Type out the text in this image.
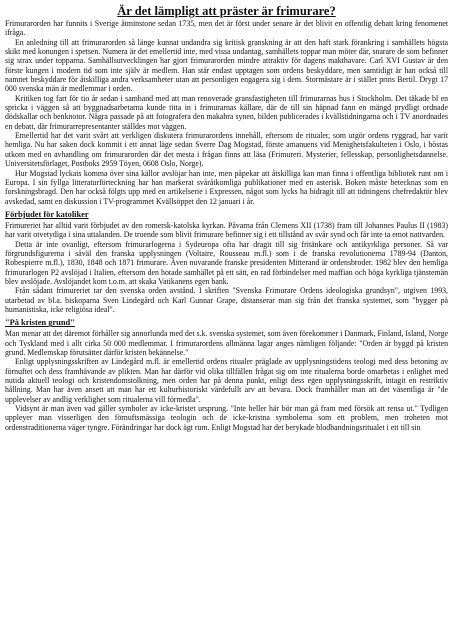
Är det lämpligt att präster är frimurare?

Frimurarorden har funnits i Sverige åtminstone sedan 1735, men det är först under senare år det blivit en offentlig debatt kring fenomenet ifråga.

En anledning till att frimurarorden så länge kunnat undandra sig kritisk granskning är att den haft stark förankring i samhällets högsta skikt med konungen i spetsen. Numera är det emellertid inte, med vissa undantag, samhällets toppar man möter där, snarare de som befinner sig strax under topparna. Samhällsutvecklingen har gjort frimurarorden mindre attraktiv för dagens makthavare. Carl XVI Gustav är den förste kungen i modern tid som inte själv är medlem. Han står endast upptagen som ordens beskyddare, men samtidigt är han också till namnet beskyddare för åtskilliga andra verksamheter utan att personligen engagera sig i dem. Stormästare är i stället prins Bertil. Drygt 17 000 svenska män är medlemmar i orden.

Kritiken tog fart för tio år sedan i samband med att man renoverade gransfastigheten till frimurarnas hus i Stockholm. Det täkade bl en spricka i väggen så att byggnadsarbetarna kunde titta in i frimurarnas källare, där de till sin häpnad fann en mängd prydligt ordnade dödskallar och benknotor. Några passade på att fotografera den makabra synen, bilden publicerades i kvällstidningarna och i TV anordnades en debatt, där frimurarrepresentanter ställdes mot väggen.

Emellertid har det varit svårt att verkligen diskutera frimurarordens innehåll, eftersom de ritualer, som utgör ordens ryggrad, har varit hemliga. Nu har saken dock kommit i ett annat läge sedan Sverre Dag Mogstad, förste amanuens vid Menighetsfakulteten i Oslo, i höstas utkom med en avhandling om frimurarorden där det mesta i frågan finns att läsa (Frimureri. Mysterier, fellesskap, personlighetsdannelse. Universitetsförlaget, Postboks 2959 Töyen, 0608 Oslo, Norge).

Hur Mogstad lyckats komma över sina källor avslöjar han inte, men påpekar att åtskilliga kan man finna i offentliga bibliotek runt om i Europa. I sin fyllga litteraturförteckning har han markerat svåråtkomliga publikationer med en asterisk. Boken måste betecknas som en forskningsbragd. Den har också fölgts upp med en artikelserie i Expressen, något som lycks ha bidragit till att tidningens chefredaktör blev avskedad, samt en diskussion i TV-programmet Kvällsöppet den 12 januari i år.

Förbjudet för katoliker

Frimureriet har alltid varit förbjudet av den romersk-katolska kyrkan. Påvarna från Clemens XII (1738) fram till Johannes Paulus II (1983) har varit otvetydiga i sina uttalanden. De troende som blivit frimurare befinner sig i ett tillstånd av svår synd och får inte ta emot nattvarden.

Detta är inte ovanligt, eftersom frimurarlogerna i Sydeuropa ofta har dragit till sig fritänkare och antikyrkliga personer. Så var förgrundsfigurerna i såväl den franska upplysningen (Voltaire, Rousseau m.fl.) som i de franska revolutionerna 1789-94 (Danton, Robespierre m.fl.), 1830, 1848 och 1871 frimurare. Även nuvarande franske presidenten Mitterand är ordensbroder. 1982 blev den hemliga frimurarlogen P2 avslöjad i Italien, eftersom den hotade samhället på ett sätt, en rad förbindelser med maffian och höga kyrkliga tjänstemän blev avslöjade. Avslöjandet kom t.o.m. att skaka Vatikanens egen bank.

Från sådant frimureriet tar den svenska orden avstånd. I skriften "Svenska Frimurare Ordens ideologiska grundsyn", utgiven 1993, utarbetad av bl.a. biskoparna Sven Lindegård och Karl Gunnar Grape, distanserar man sig från det franska systemet, som "bygger på humanistiska, icke religiösa ideal".

"På kristen grund"

Man menar att det däremot förhåller sig annorlunda med det s.k. svenska systemet, som även förekommer i Danmark, Finland, Island, Norge och Tyskland med i allt cirka 50 000 medlemmar. I frimurarordens allmänna lagar anges nämligen följande: "Orden är byggd på kristen grund. Medlemskap förutsätter därför kristen bekännelse."

Enligt upplysningsskriften av Lindegård m.fl. är emellertid ordens ritualer präglade av upplysningstidens teologi med dess betoning av förnuftet och dess framhävande av plikten. Man har därför vid olika tillfällen frågat sig om inte ritualerna borde omarbetas i enlighet med nutida aktuell teologi och kristendomstolkning, men orden har på denna punkt, enligt dess egen upplysningsskrift, intagit en restriktiv hållning. Man har även ansett att man har ett kulturhistoriskt värdefullt arv att bevara. Dock framhåller man att det väsentliga är "de upplevelser av andlig verklighet som ritualerna vill förmedla".

Vidsynt är man även vad gäller symboler av icke-kristet ursprung. "Inte heller här bör man gå fram med försök att rensa ut." Tydligen uppleyer man visserligen den förnuftsmässiga teologin och de icke-kristna symbolerna som ett problem, men troheten mot ordenstraditionerna väger tyngre. Förändringar har dock ägt rum. Enligt Mogstad har det berykade blodbandningsritualet i ett till sin
